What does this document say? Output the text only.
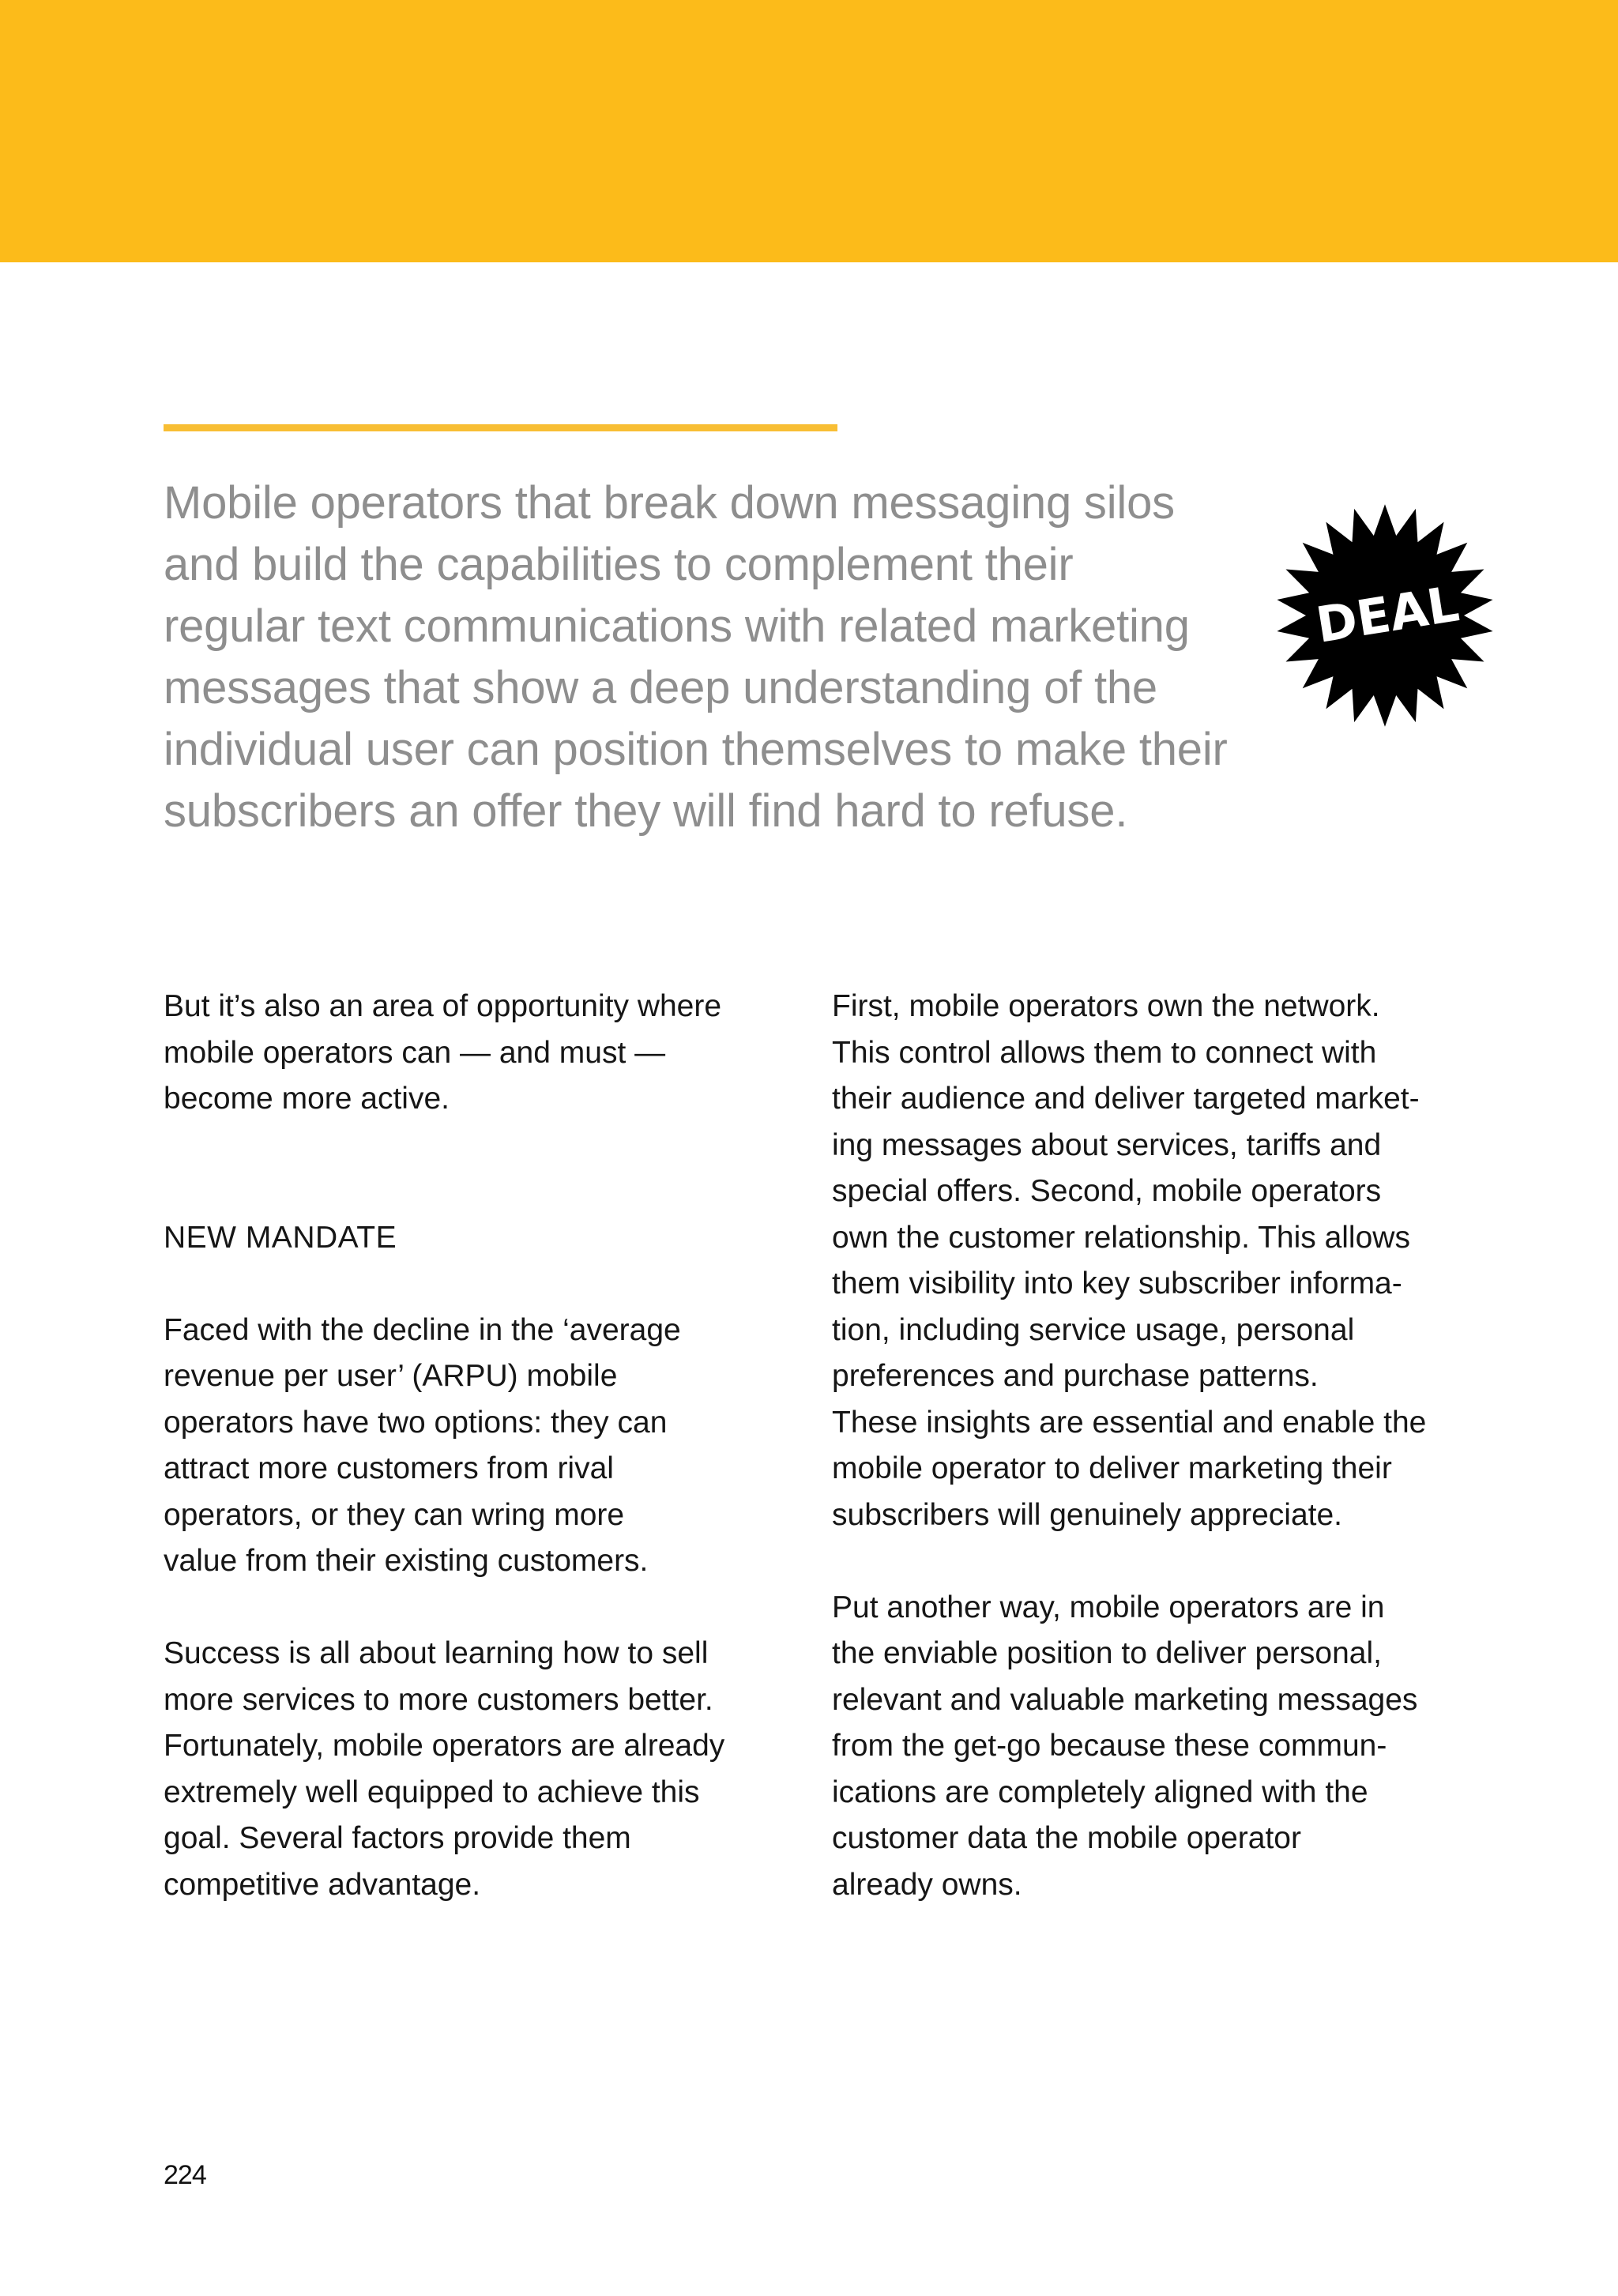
Mobile operators that break down messaging silos
and build the capabilities to complement their
regular text communications with related marketing
messages that show a deep understanding of the
individual user can position themselves to make their
subscribers an offer they will find hard to refuse.

DEAL
But it’s also an area of opportunity where
mobile operators can — and must —
become more active.
NEW MANDATE
Faced with the decline in the ‘average
revenue per user’ (ARPU) mobile
operators have two options: they can
attract more customers from rival
operators, or they can wring more
value from their existing customers.
Success is all about learning how to sell
more services to more customers better.
Fortunately, mobile operators are already
extremely well equipped to achieve this
goal. Several factors provide them
competitive advantage.
First, mobile operators own the network.
This control allows them to connect with
their audience and deliver targeted market-
ing messages about services, tariffs and
special offers. Second, mobile operators
own the customer relationship. This allows
them visibility into key subscriber informa-
tion, including service usage, personal
preferences and purchase patterns.
These insights are essential and enable the
mobile operator to deliver marketing their
subscribers will genuinely appreciate.
Put another way, mobile operators are in
the enviable position to deliver personal,
relevant and valuable marketing messages
from the get-go because these commun-
ications are completely aligned with the
customer data the mobile operator
already owns.
224
